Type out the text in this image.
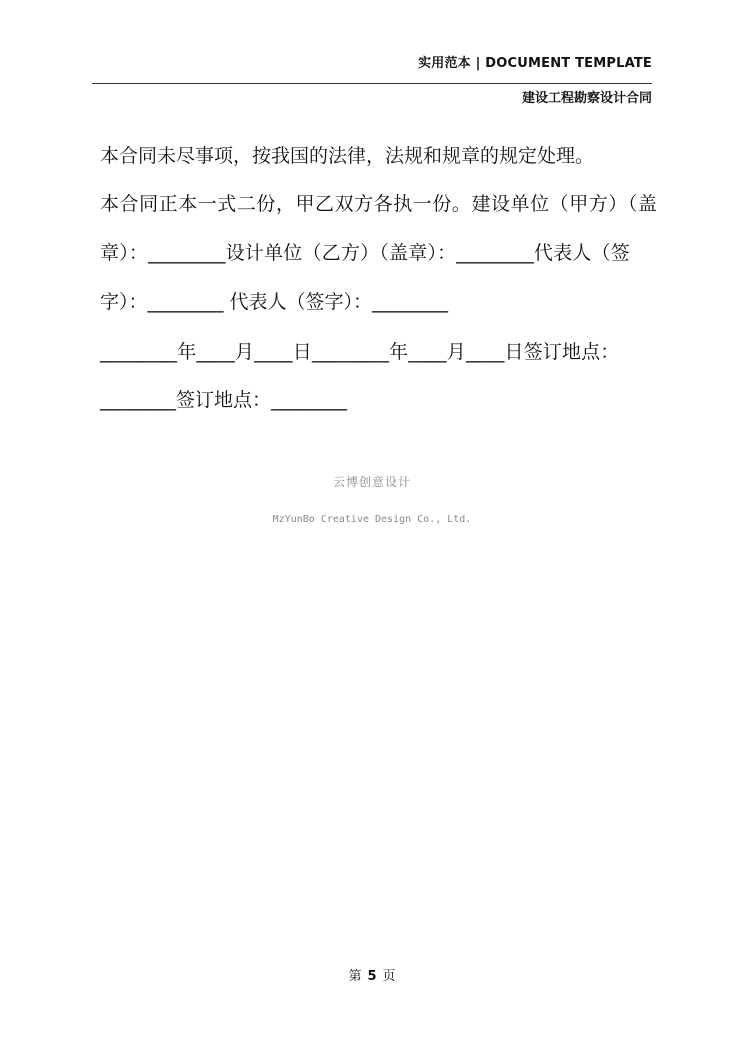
实用范本 | DOCUMENT TEMPLATE
建设工程勘察设计合同
本合同未尽事项，按我国的法律，法规和规章的规定处理。
本合同正本一式二份，甲乙双方各执一份。建设单位（甲方）（盖
章）：________设计单位（乙方）（盖章）：________代表人（签
字）：________ 代表人（签字）：________
________年____月____日________年____月____日签订地点：
________签订地点：________
云博创意设计
MzYunBo Creative Design Co., Ltd.
第 5 页
